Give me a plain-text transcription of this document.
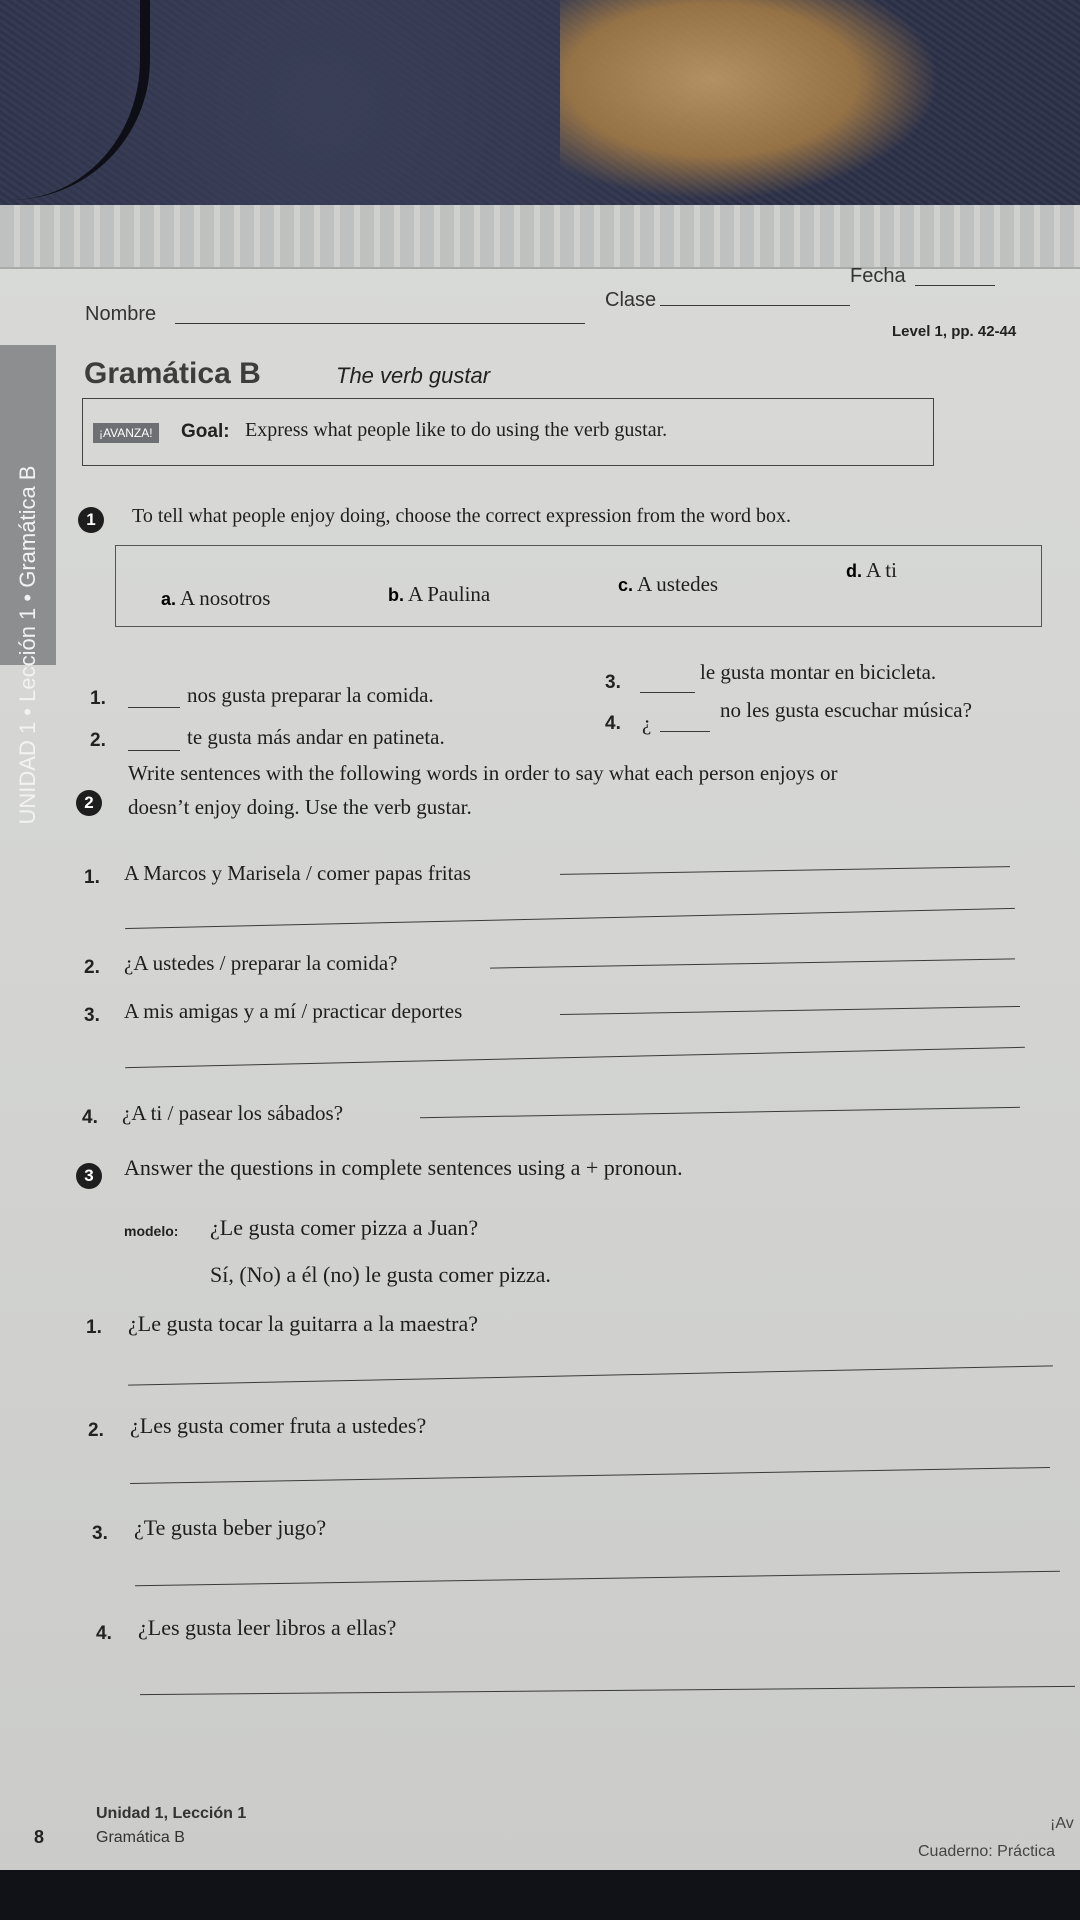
UNIDAD 1 • Lección 1 • Gramática B
Nombre
Clase
Fecha
Level 1, pp. 42-44
Gramática B	The verb gustar
¡AVANZA!	Goal: Express what people like to do using the verb gustar.
1	To tell what people enjoy doing, choose the correct expression from the word box.
a. A nosotros	b. A Paulina	c. A ustedes
d. A ti
1.	nos gusta preparar la comida.
2.	te gusta más andar en patineta.
3.	le gusta montar en bicicleta.
4. ¿
no les gusta escuchar música?
2
Write sentences with the following words in order to say what each person enjoys or
doesn’t enjoy doing. Use the verb gustar.
1. A Marcos y Marisela / comer papas fritas
2. ¿A ustedes / preparar la comida?
3. A mis amigas y a mí / practicar deportes
4. ¿A ti / pasear los sábados?
3	Answer the questions in complete sentences using a + pronoun.
modelo: ¿Le gusta comer pizza a Juan?
Sí, (No) a él (no) le gusta comer pizza.
1. ¿Le gusta tocar la guitarra a la maestra?
2. ¿Les gusta comer fruta a ustedes?
3. ¿Te gusta beber jugo?
4. ¿Les gusta leer libros a ellas?
8
Unidad 1, Lección 1
Gramática B
¡Av
Cuaderno: Práctica
